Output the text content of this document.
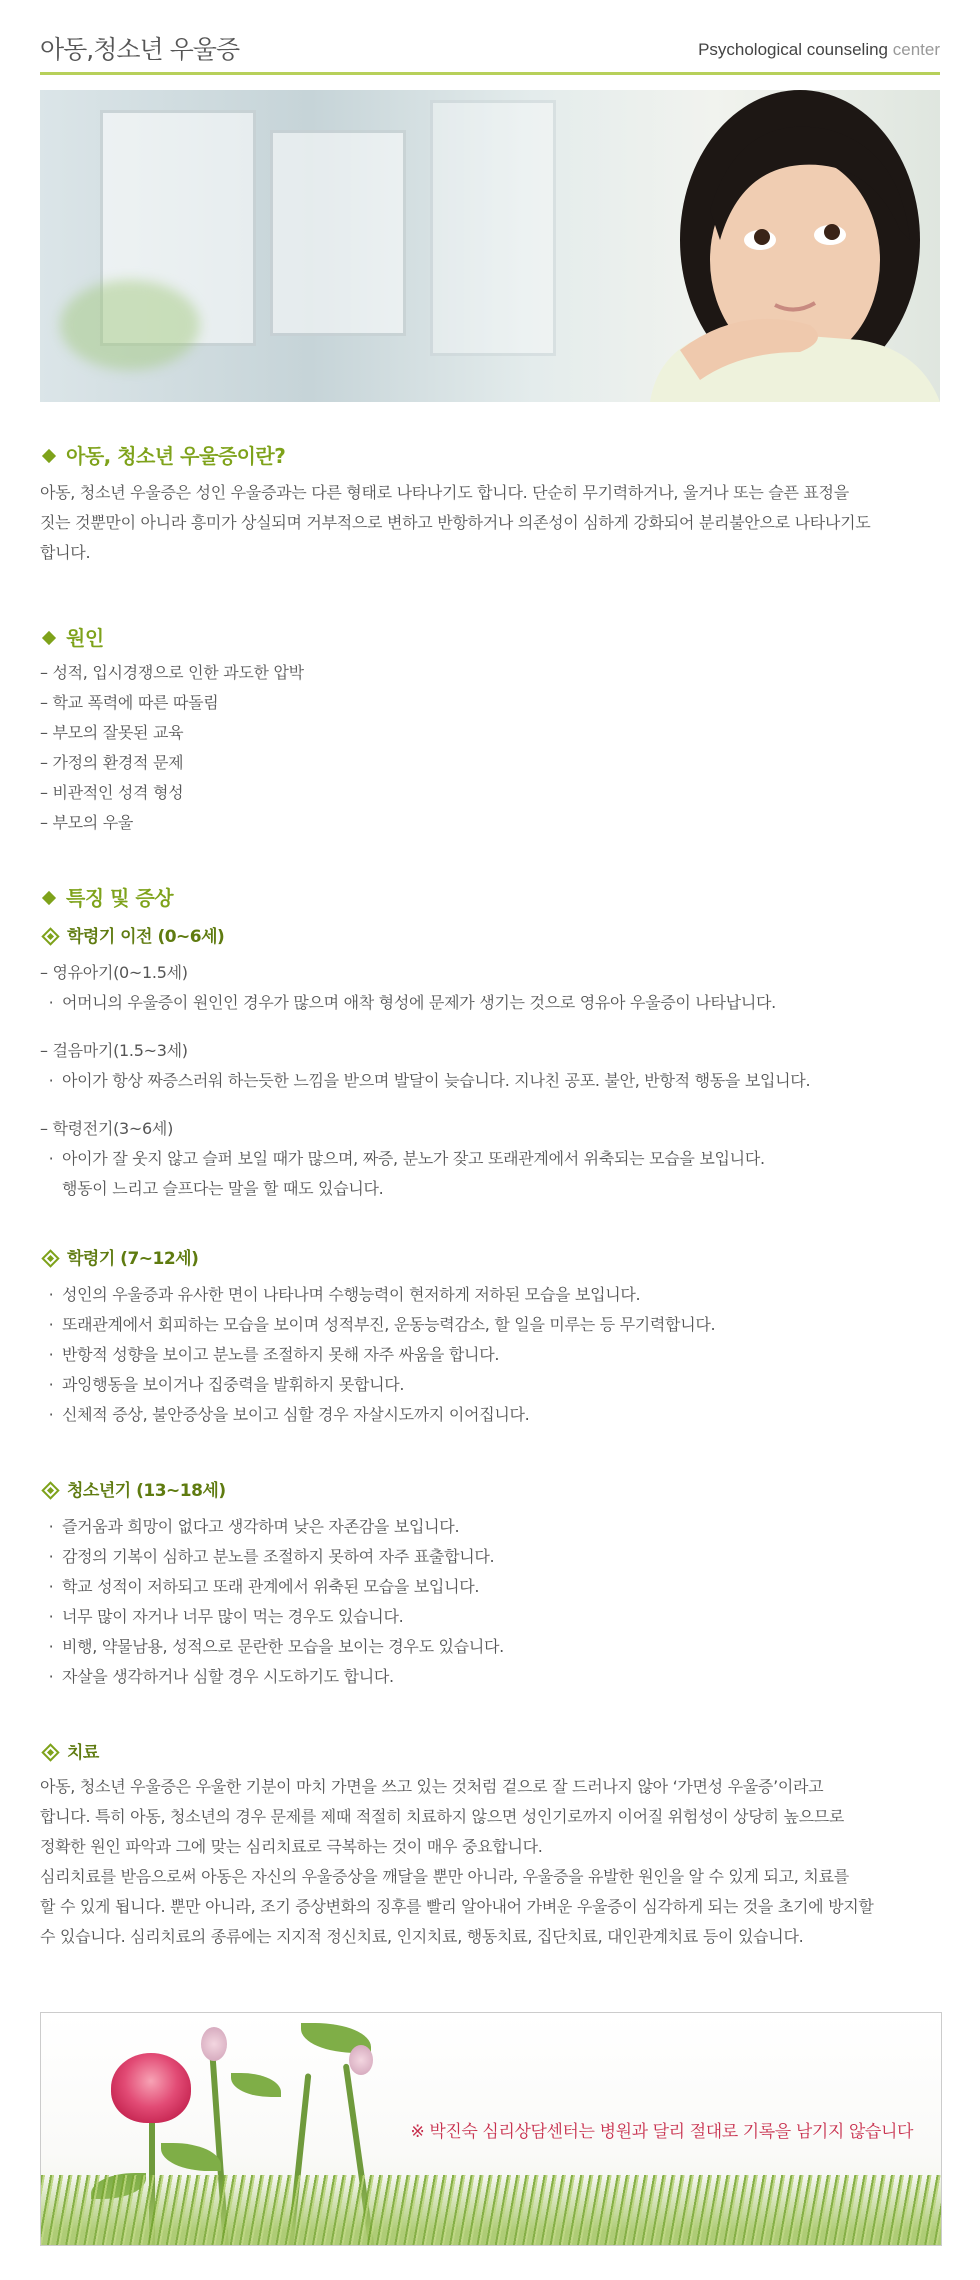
아동,청소년 우울증	Psychological counseling center
아동, 청소년 우울증이란?
아동, 청소년 우울증은 성인 우울증과는 다른 형태로 나타나기도 합니다. 단순히 무기력하거나, 울거나 또는 슬픈 표정을
짓는 것뿐만이 아니라 흥미가 상실되며 거부적으로 변하고 반항하거나 의존성이 심하게 강화되어 분리불안으로 나타나기도
합니다.
원인
– 성적, 입시경쟁으로 인한 과도한 압박
– 학교 폭력에 따른 따돌림
– 부모의 잘못된 교육
– 가정의 환경적 문제
– 비관적인 성격 형성
– 부모의 우울
특징 및 증상
학령기 이전 (0~6세)
– 영유아기(0~1.5세)
· 어머니의 우울증이 원인인 경우가 많으며 애착 형성에 문제가 생기는 것으로 영유아 우울증이 나타납니다.
– 걸음마기(1.5~3세)
· 아이가 항상 짜증스러워 하는듯한 느낌을 받으며 발달이 늦습니다. 지나친 공포. 불안, 반항적 행동을 보입니다.
– 학령전기(3~6세)
· 아이가 잘 웃지 않고 슬퍼 보일 때가 많으며, 짜증, 분노가 잦고 또래관계에서 위축되는 모습을 보입니다.
행동이 느리고 슬프다는 말을 할 때도 있습니다.
학령기 (7~12세)
· 성인의 우울증과 유사한 면이 나타나며 수행능력이 현저하게 저하된 모습을 보입니다.
· 또래관계에서 회피하는 모습을 보이며 성적부진, 운동능력감소, 할 일을 미루는 등 무기력합니다.
· 반항적 성향을 보이고 분노를 조절하지 못해 자주 싸움을 합니다.
· 과잉행동을 보이거나 집중력을 발휘하지 못합니다.
· 신체적 증상, 불안증상을 보이고 심할 경우 자살시도까지 이어집니다.
청소년기 (13~18세)
· 즐거움과 희망이 없다고 생각하며 낮은 자존감을 보입니다.
· 감정의 기복이 심하고 분노를 조절하지 못하여 자주 표출합니다.
· 학교 성적이 저하되고 또래 관계에서 위축된 모습을 보입니다.
· 너무 많이 자거나 너무 많이 먹는 경우도 있습니다.
· 비행, 약물남용, 성적으로 문란한 모습을 보이는 경우도 있습니다.
· 자살을 생각하거나 심할 경우 시도하기도 합니다.
치료
아동, 청소년 우울증은 우울한 기분이 마치 가면을 쓰고 있는 것처럼 겉으로 잘 드러나지 않아 ‘가면성 우울증’이라고
합니다. 특히 아동, 청소년의 경우 문제를 제때 적절히 치료하지 않으면 성인기로까지 이어질 위험성이 상당히 높으므로
정확한 원인 파악과 그에 맞는 심리치료로 극복하는 것이 매우 중요합니다.
심리치료를 받음으로써 아동은 자신의 우울증상을 깨달을 뿐만 아니라, 우울증을 유발한 원인을 알 수 있게 되고, 치료를
할 수 있게 됩니다. 뿐만 아니라, 조기 증상변화의 징후를 빨리 알아내어 가벼운 우울증이 심각하게 되는 것을 초기에 방지할
수 있습니다. 심리치료의 종류에는 지지적 정신치료, 인지치료, 행동치료, 집단치료, 대인관계치료 등이 있습니다.
※ 박진숙 심리상담센터는 병원과 달리 절대로 기록을 남기지 않습니다
